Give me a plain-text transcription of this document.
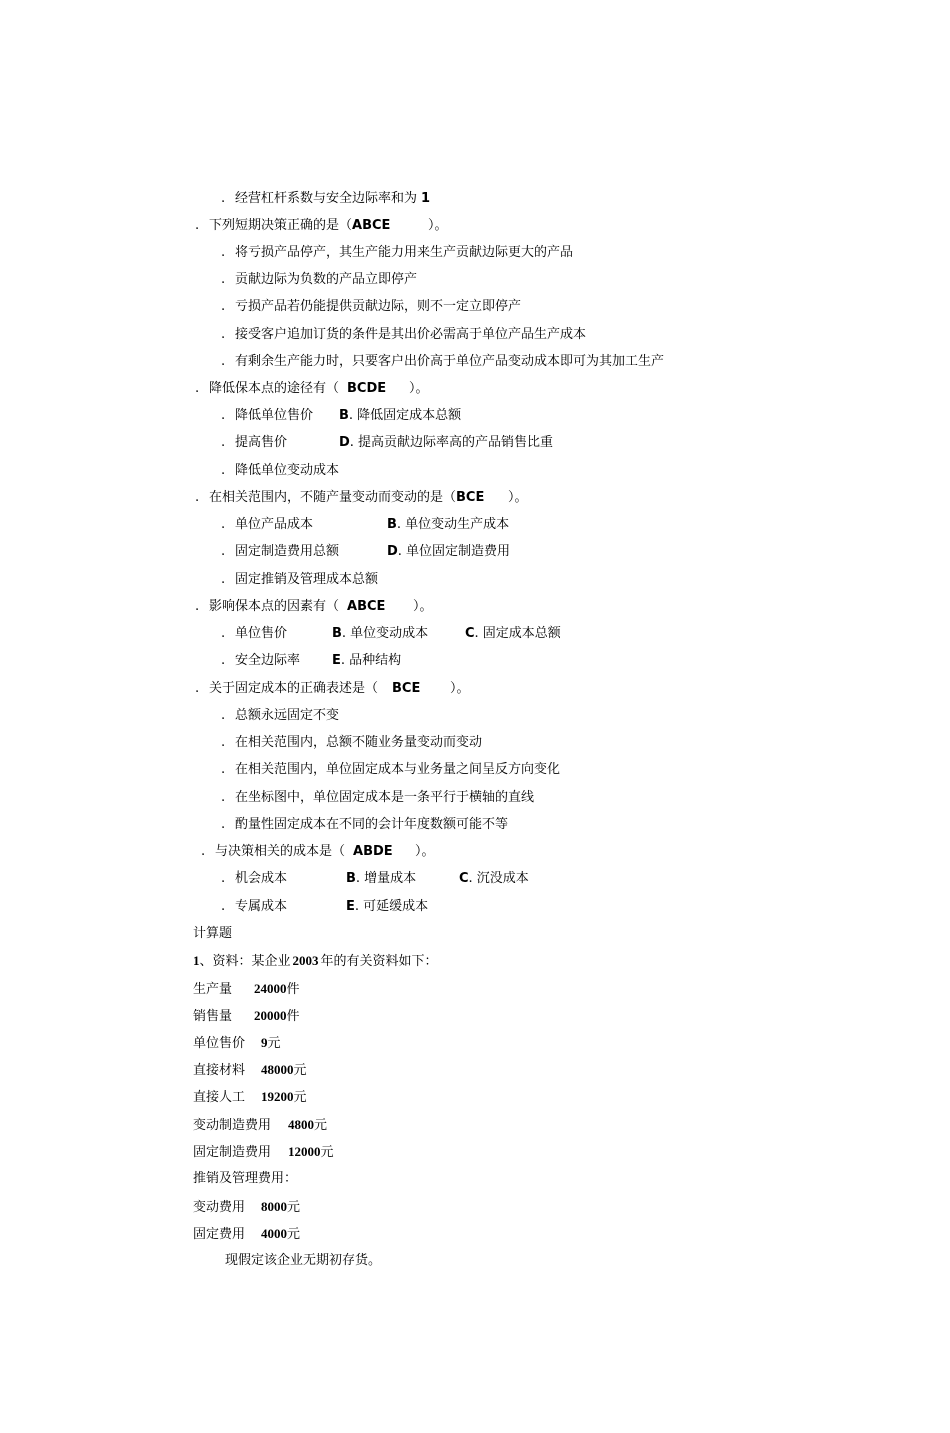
. 经营杠杆系数与安全边际率和为 1
. 下列短期决策正确的是（ABCE	）。
. 将亏损产品停产，其生产能力用来生产贡献边际更大的产品
. 贡献边际为负数的产品立即停产
. 亏损产品若仍能提供贡献边际，则不一定立即停产
. 接受客户追加订货的条件是其出价必需高于单位产品生产成本
. 有剩余生产能力时，只要客户出价高于单位产品变动成本即可为其加工生产
. 降低保本点的途径有（ BCDE ）。
. 降低单位售价 B. 降低固定成本总额
. 提高售价	D. 提高贡献边际率高的产品销售比重
. 降低单位变动成本
. 在相关范围内，不随产量变动而变动的是（BCE ）。
. 单位产品成本	B. 单位变动生产成本
. 固定制造费用总额	D. 单位固定制造费用
. 固定推销及管理成本总额
. 影响保本点的因素有（ ABCE ）。
. 单位售价	B. 单位变动成本	C. 固定成本总额
. 安全边际率 E. 品种结构
. 关于固定成本的正确表述是（ BCE ）。
. 总额永远固定不变
. 在相关范围内，总额不随业务量变动而变动
. 在相关范围内，单位固定成本与业务量之间呈反方向变化
. 在坐标图中，单位固定成本是一条平行于横轴的直线
. 酌量性固定成本在不同的会计年度数额可能不等
. 与决策相关的成本是（ ABDE ）。
. 机会成本	B. 增量成本	C. 沉没成本
. 专属成本	E. 可延缓成本
计算题
1、资料：某企业 2003 年的有关资料如下：
生产量 24000件
销售量 20000件
单位售价 9元
直接材料 48000元
直接人工 19200元
变动制造费用 4800元
固定制造费用 12000元
推销及管理费用：
变动费用 8000元
固定费用 4000元
现假定该企业无期初存货。
